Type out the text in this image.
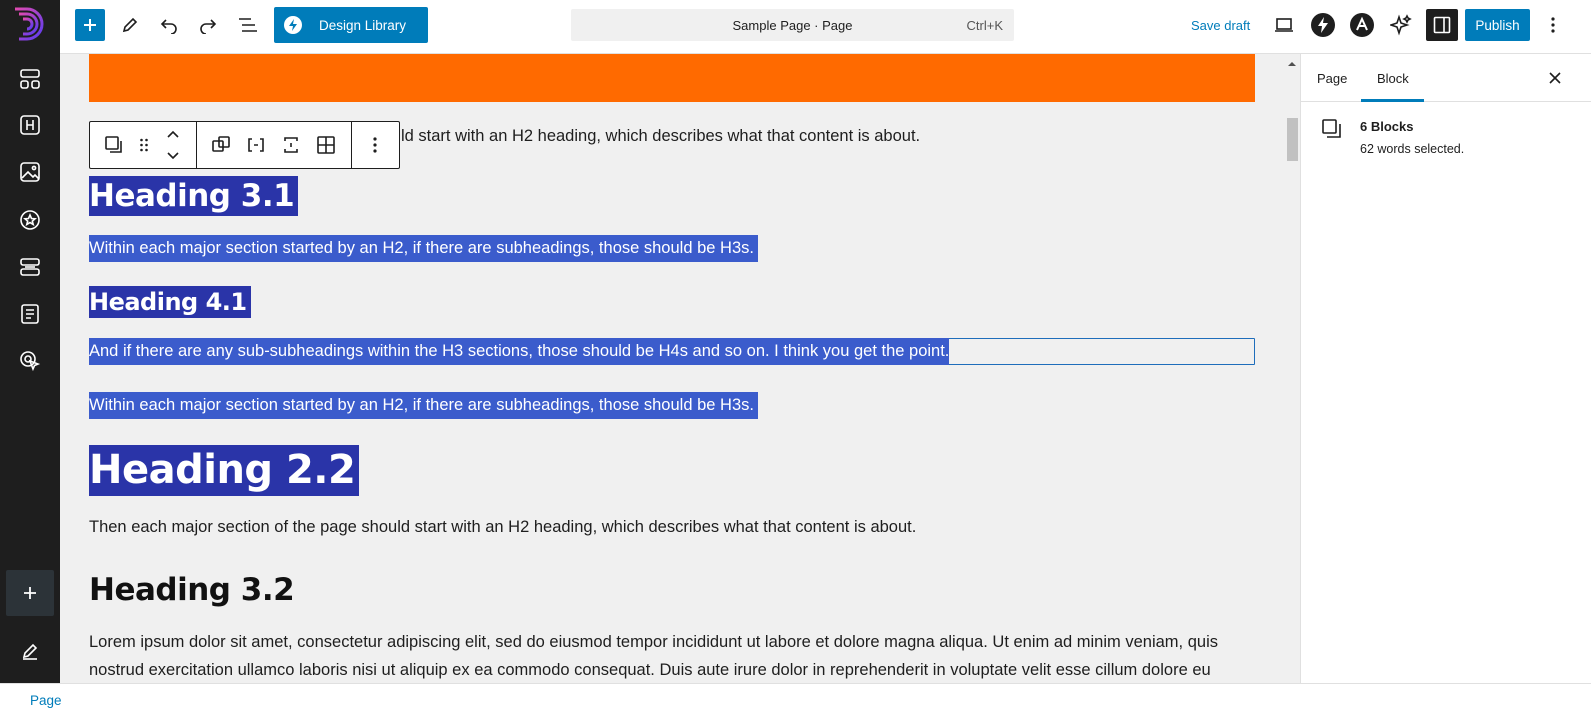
Design Library	Sample Page · Page	Ctrl+K	Save draft	Publish
ld start with an H2 heading, which describes what that content is about.
Heading 3.1
Within each major section started by an H2, if there are subheadings, those should be H3s.
Heading 4.1
And if there are any sub-subheadings within the H3 sections, those should be H4s and so on. I think you get the point.
Within each major section started by an H2, if there are subheadings, those should be H3s.
Heading 2.2
Then each major section of the page should start with an H2 heading, which describes what that content is about.
Heading 3.2
Lorem ipsum dolor sit amet, consectetur adipiscing elit, sed do eiusmod tempor incididunt ut labore et dolore magna aliqua. Ut enim ad minim veniam, quis nostrud exercitation ullamco laboris nisi ut aliquip ex ea commodo consequat. Duis aute irure dolor in reprehenderit in voluptate velit esse cillum dolore eu
Page Block
6 Blocks
62 words selected.
Page
